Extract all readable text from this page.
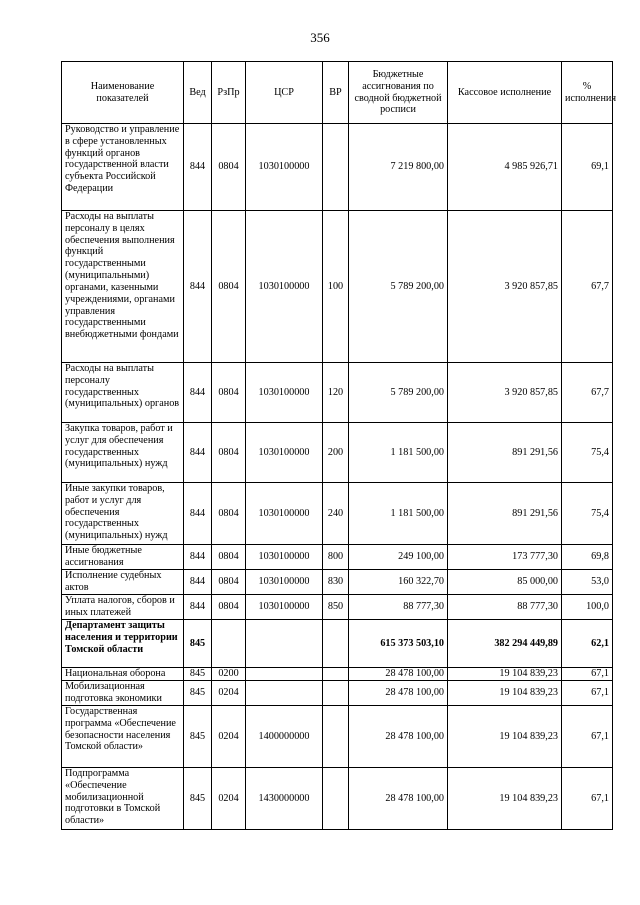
356
Наименование показателей	Вед	РзПр	ЦСР	ВР	Бюджетные ассигнования по сводной бюджетной росписи	Кассовое исполнение	% исполнения
Руководство и управление в сфере установленных функций органов государственной власти субъекта Российской Федерации	844	0804	1030100000		7 219 800,00	4 985 926,71	69,1
Расходы на выплаты персоналу в целях обеспечения выполнения функций государственными (муниципальными) органами, казенными учреждениями, органами управления государственными внебюджетными фондами	844	0804	1030100000	100	5 789 200,00	3 920 857,85	67,7
Расходы на выплаты персоналу государственных (муниципальных) органов	844	0804	1030100000	120	5 789 200,00	3 920 857,85	67,7
Закупка товаров, работ и услуг для обеспечения государственных (муниципальных) нужд	844	0804	1030100000	200	1 181 500,00	891 291,56	75,4
Иные закупки товаров, работ и услуг для обеспечения государственных (муниципальных) нужд	844	0804	1030100000	240	1 181 500,00	891 291,56	75,4
Иные бюджетные ассигнования	844	0804	1030100000	800	249 100,00	173 777,30	69,8
Исполнение судебных актов	844	0804	1030100000	830	160 322,70	85 000,00	53,0
Уплата налогов, сборов и иных платежей	844	0804	1030100000	850	88 777,30	88 777,30	100,0
Департамент защиты населения и территории Томской области	845				615 373 503,10	382 294 449,89	62,1
Национальная оборона	845	0200			28 478 100,00	19 104 839,23	67,1
Мобилизационная подготовка экономики	845	0204			28 478 100,00	19 104 839,23	67,1
Государственная программа «Обеспечение безопасности населения Томской области»	845	0204	1400000000		28 478 100,00	19 104 839,23	67,1
Подпрограмма «Обеспечение мобилизационной подготовки в Томской области»	845	0204	1430000000		28 478 100,00	19 104 839,23	67,1
